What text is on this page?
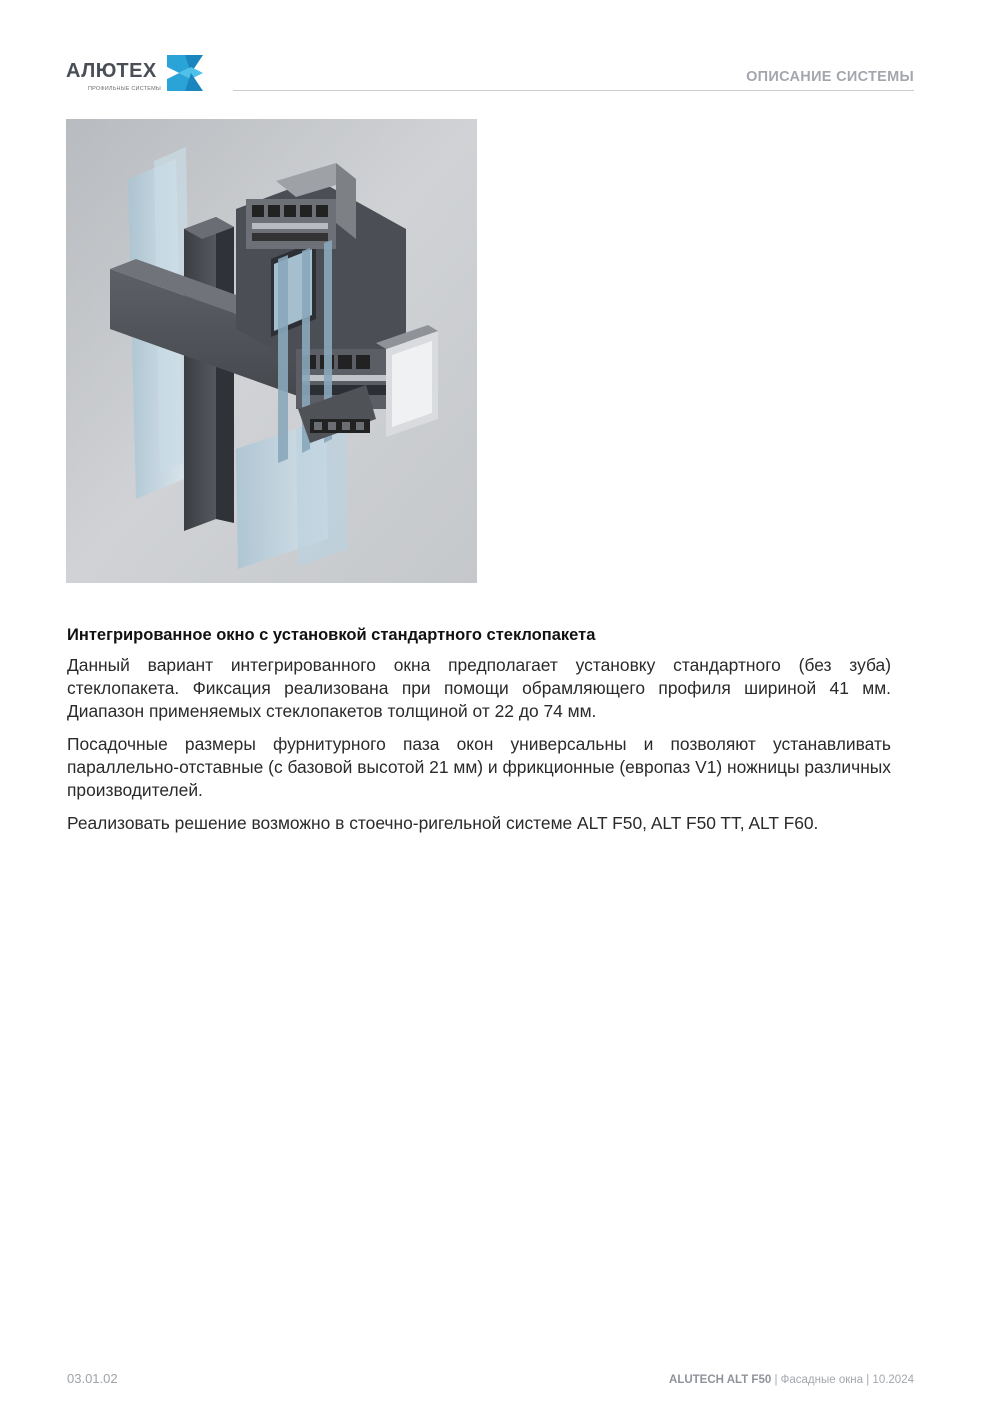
АЛЮТЕХ
ПРОФИЛЬНЫЕ СИСТЕМЫ
ОПИСАНИЕ СИСТЕМЫ
Интегрированное окно с установкой стандартного стеклопакета

Данный вариант интегрированного окна предполагает установку стандартного (без зуба) стеклопакета. Фиксация реализована при помощи обрамляющего профиля шириной 41 мм. Диапазон применяемых стеклопакетов толщиной от 22 до 74 мм.

Посадочные размеры фурнитурного паза окон универсальны и позволяют устанавливать параллельно-отставные (с базовой высотой 21 мм) и фрикционные (европаз V1) ножницы различных производителей.

Реализовать решение возможно в стоечно-ригельной системе ALT F50, ALT F50 TT, ALT F60.

03.01.02	ALUTECH ALT F50 | Фасадные окна | 10.2024
